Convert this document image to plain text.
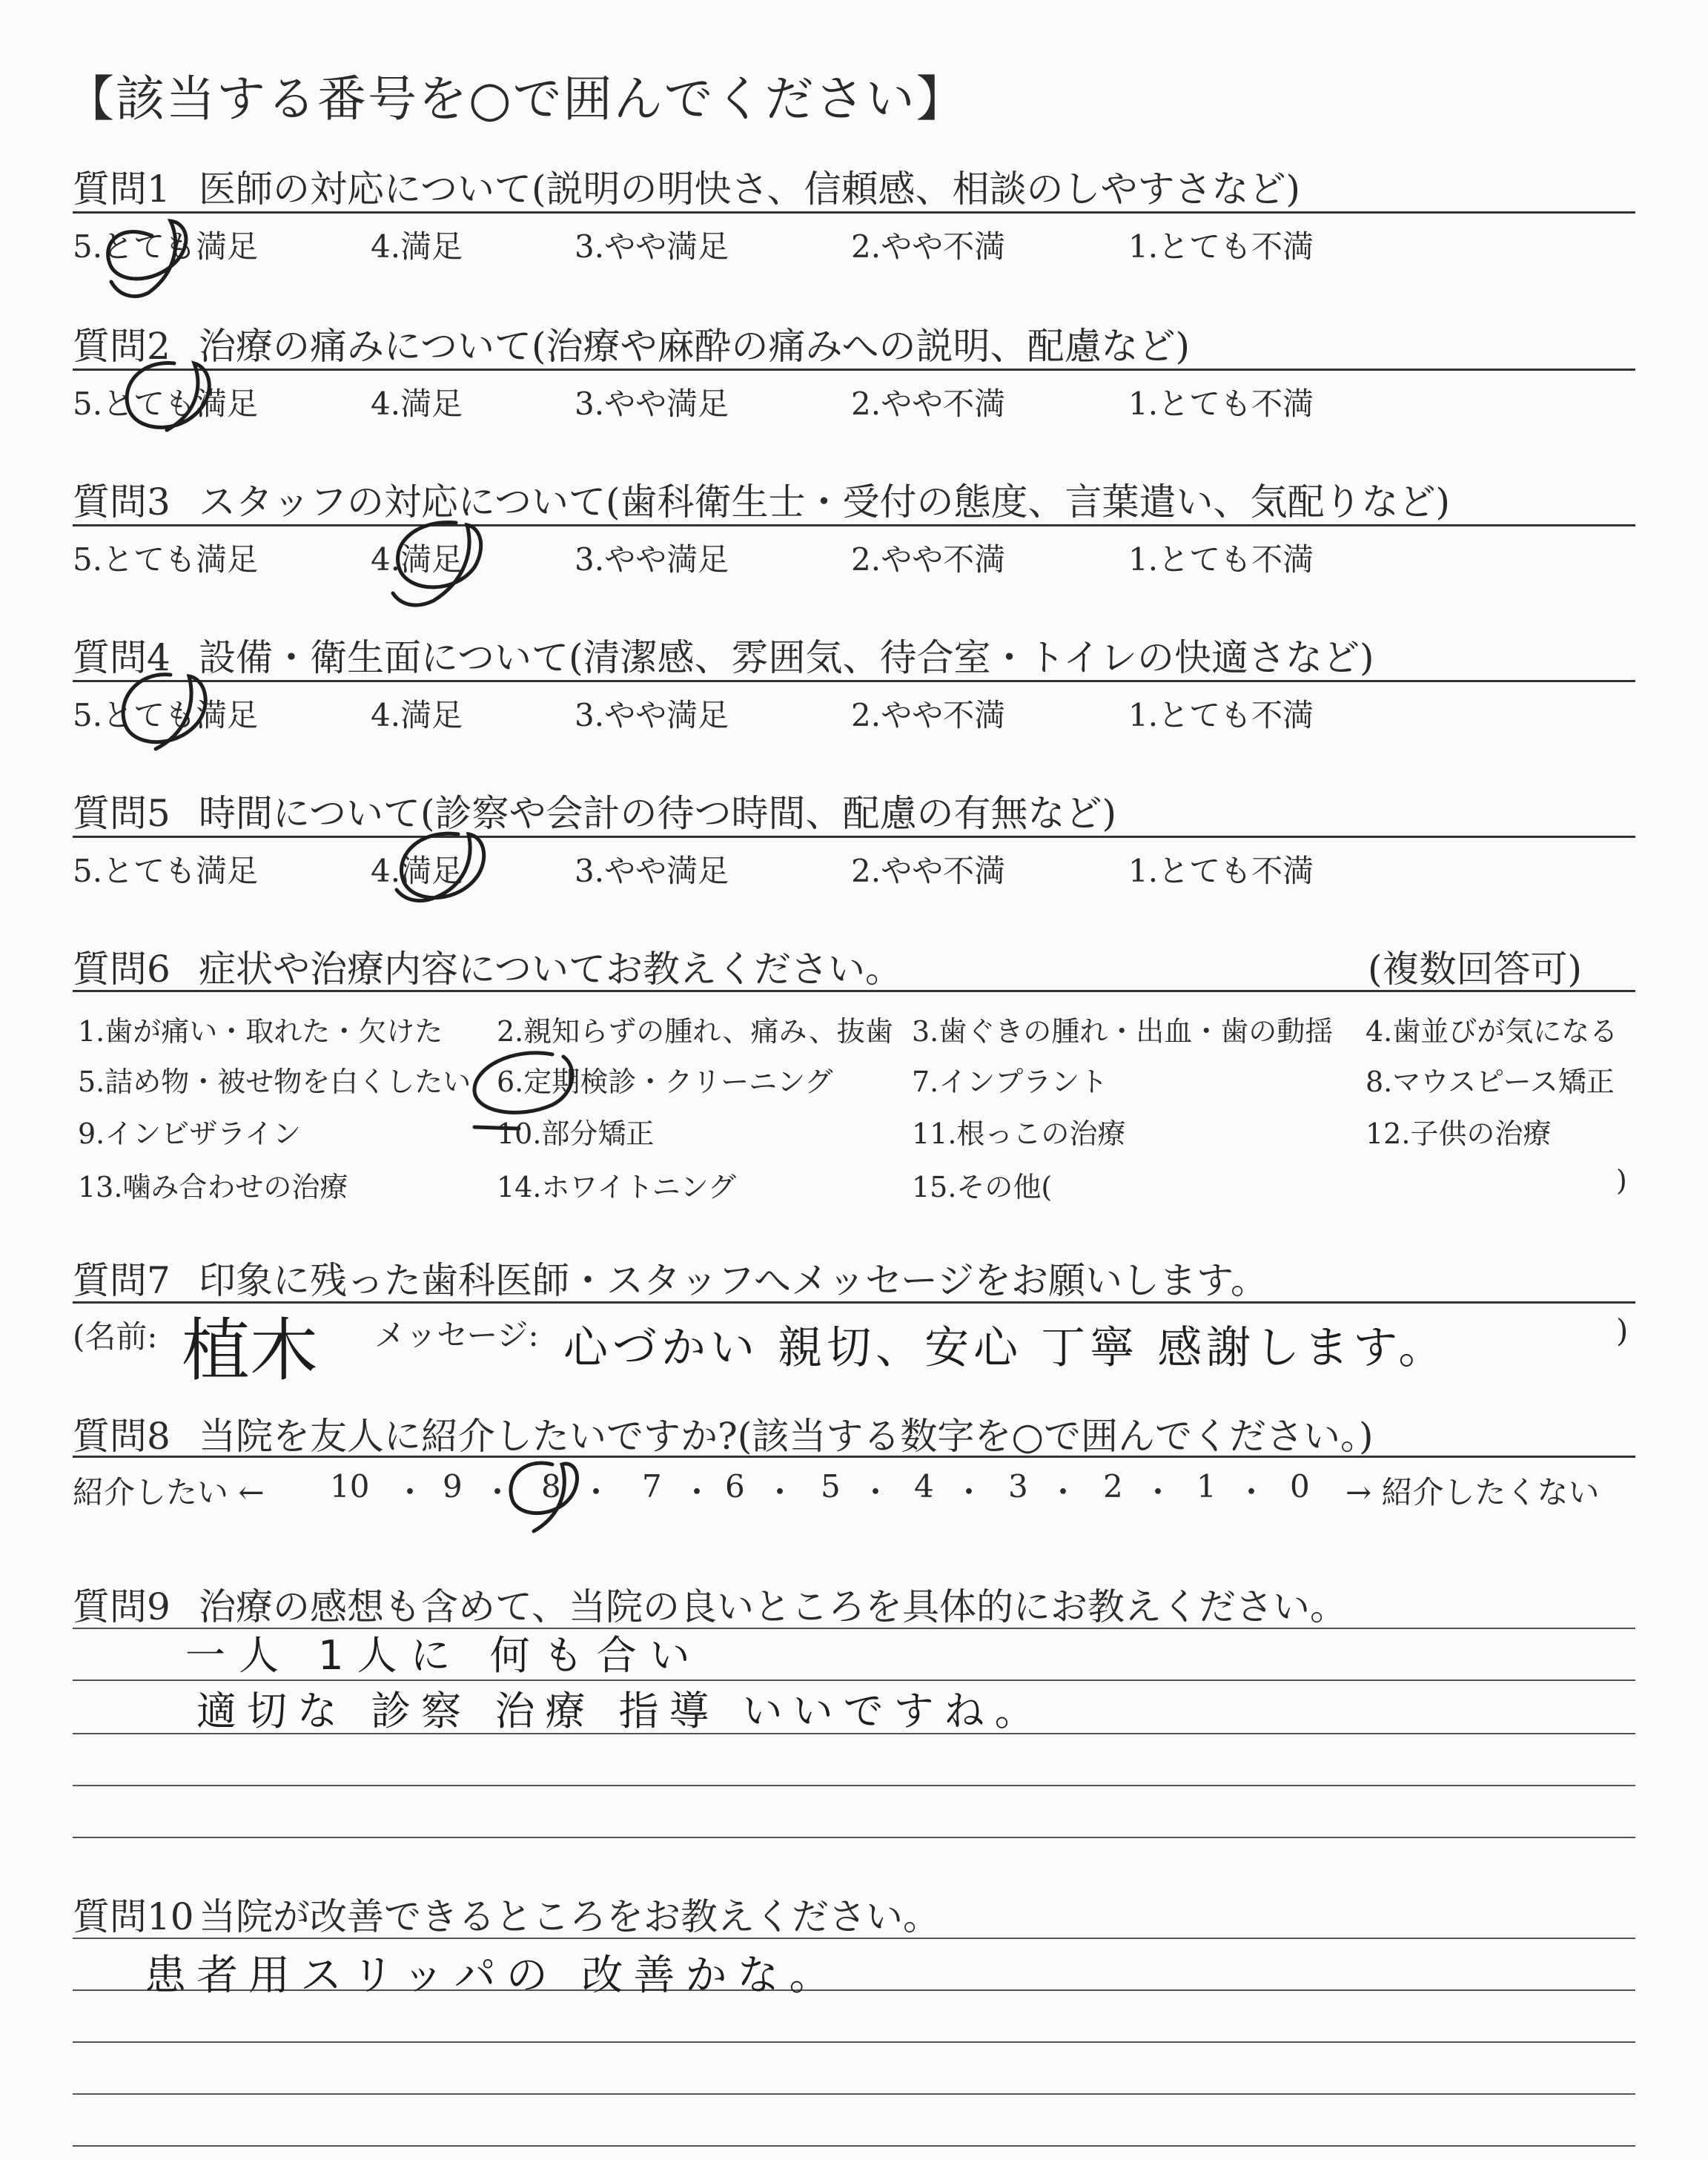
【該当する番号を○で囲んでください】
質問1 医師の対応について(説明の明快さ、信頼感、相談のしやすさなど)
5.とても満足	4.満足	3.やや満足	2.やや不満	1.とても不満
質問2 治療の痛みについて(治療や麻酔の痛みへの説明、配慮など)
5.とても満足	4.満足	3.やや満足	2.やや不満	1.とても不満
質問3 スタッフの対応について(歯科衛生士・受付の態度、言葉遣い、気配りなど)
5.とても満足	4.満足	3.やや満足	2.やや不満	1.とても不満
質問4 設備・衛生面について(清潔感、雰囲気、待合室・トイレの快適さなど)
5.とても満足	4.満足	3.やや満足	2.やや不満	1.とても不満
質問5 時間について(診察や会計の待つ時間、配慮の有無など)
5.とても満足	4.満足	3.やや満足	2.やや不満	1.とても不満
質問6 症状や治療内容についてお教えください。	(複数回答可)
1.歯が痛い・取れた・欠けた 2.親知らずの腫れ、痛み、抜歯 3.歯ぐきの腫れ・出血・歯の動揺 4.歯並びが気になる
5.詰め物・被せ物を白くしたい 6.定期検診・クリーニング	7.インプラント	8.マウスピース矯正
9.インビザライン	10.部分矯正	11.根っこの治療	12.子供の治療
13.噛み合わせの治療	14.ホワイトニング	15.その他(	)
質問7 印象に残った歯科医師・スタッフへメッセージをお願いします。
(名前: 植木 メッセージ: 心づかい 親切、安心 丁寧 感謝します。	)
質問8 当院を友人に紹介したいですか?(該当する数字を○で囲んでください。)
紹介したい ← 10 ・ 9 ・ 8 ・ 7 ・ 6 ・ 5 ・ 4 ・ 3 ・ 2 ・ 1 ・ 0 → 紹介したくない
質問9 治療の感想も含めて、当院の良いところを具体的にお教えください。
一人 1人に 何も合い
適切な 診察 治療 指導 いいですね。
質問10 当院が改善できるところをお教えください。
患者用スリッパの 改善かな。
